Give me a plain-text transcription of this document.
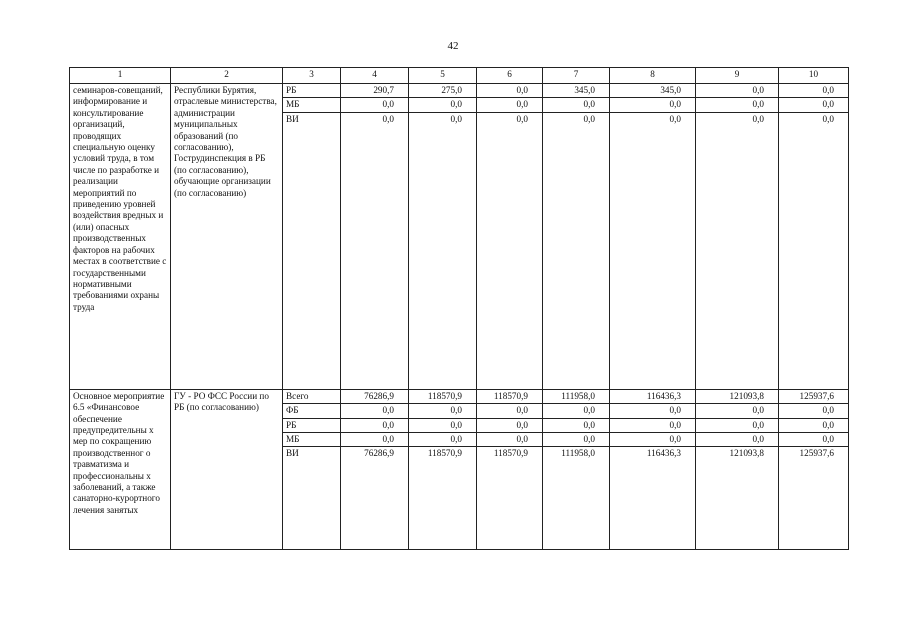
42
1	2	3	4	5	6	7	8	9	10
семинаров-совещаний, информирование и консультирование организаций, проводящих специальную оценку условий труда, в том числе по разработке и реализации мероприятий по приведению уровней воздействия вредных и (или) опасных производственных факторов на рабочих местах в соответствие с государственными нормативными требованиями охраны труда	Республики Бурятия, отраслевые министерства, администрации муниципальных образований (по согласованию), Гострудинспекция в РБ (по согласованию), обучающие организации (по согласованию)	РБ	290,7	275,0	0,0	345,0	345,0	0,0	0,0
		МБ	0,0	0,0	0,0	0,0	0,0	0,0	0,0
		ВИ	0,0	0,0	0,0	0,0	0,0	0,0	0,0
Основное мероприятие 6.5 «Финансовое обеспечение предупредительны х мер по сокращению производственног о травматизма и профессиональны х заболеваний, а также санаторно-курортного лечения занятых	ГУ - РО ФСС России по РБ (по согласованию)	Всего	76286,9	118570,9	118570,9	111958,0	116436,3	121093,8	125937,6
		ФБ	0,0	0,0	0,0	0,0	0,0	0,0	0,0
		РБ	0,0	0,0	0,0	0,0	0,0	0,0	0,0
		МБ	0,0	0,0	0,0	0,0	0,0	0,0	0,0
		ВИ	76286,9	118570,9	118570,9	111958,0	116436,3	121093,8	125937,6
